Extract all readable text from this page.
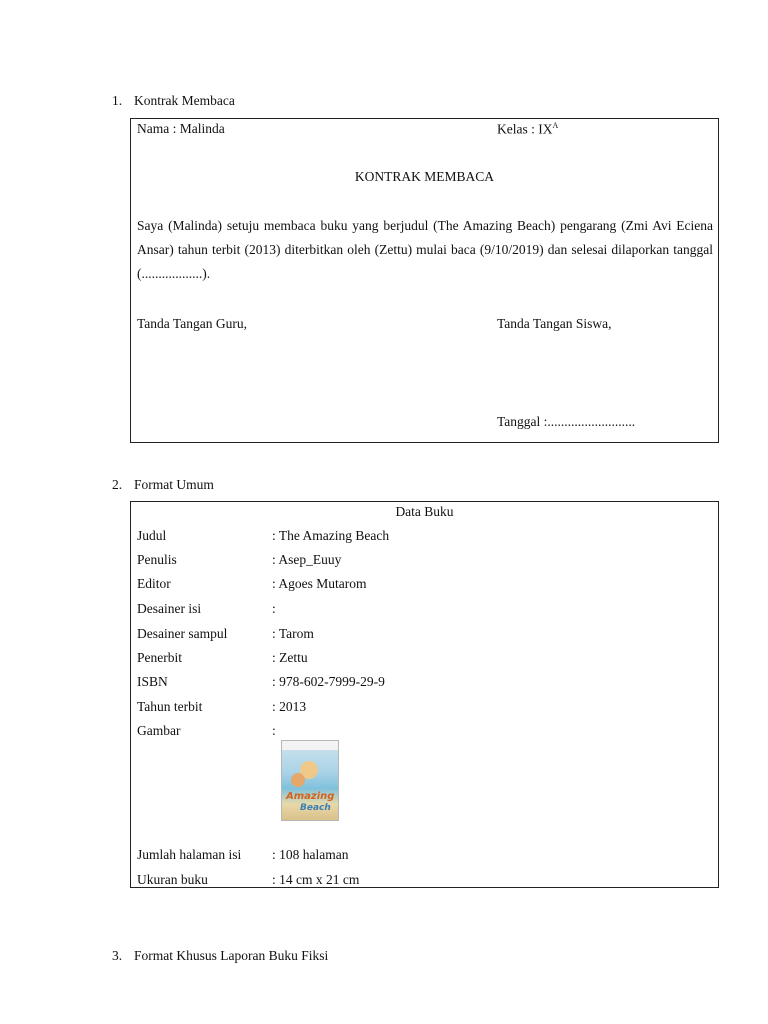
1. Kontrak Membaca
Nama : Malinda	Kelas : $IX^A$
KONTRAK MEMBACA
Saya (Malinda) setuju membaca buku yang berjudul (The Amazing Beach) pengarang (Zmi Avi Eciena Ansar) tahun terbit (2013) diterbitkan oleh (Zettu) mulai baca (9/10/2019) dan selesai dilaporkan tanggal (..................).
Tanda Tangan Guru,	Tanda Tangan Siswa,
Tanggal :..........................
2. Format Umum
Data Buku
Judul	: The Amazing Beach
Penulis	: Asep_Euuy
Editor	: Agoes Mutarom
Desainer isi	:
Desainer sampul	: Tarom
Penerbit	: Zettu
ISBN	: 978-602-7999-29-9
Tahun terbit	: 2013
Gambar	:
Amazing
Beach
Jumlah halaman isi : 108 halaman
Ukuran buku	: 14 cm x 21 cm
3. Format Khusus Laporan Buku Fiksi
